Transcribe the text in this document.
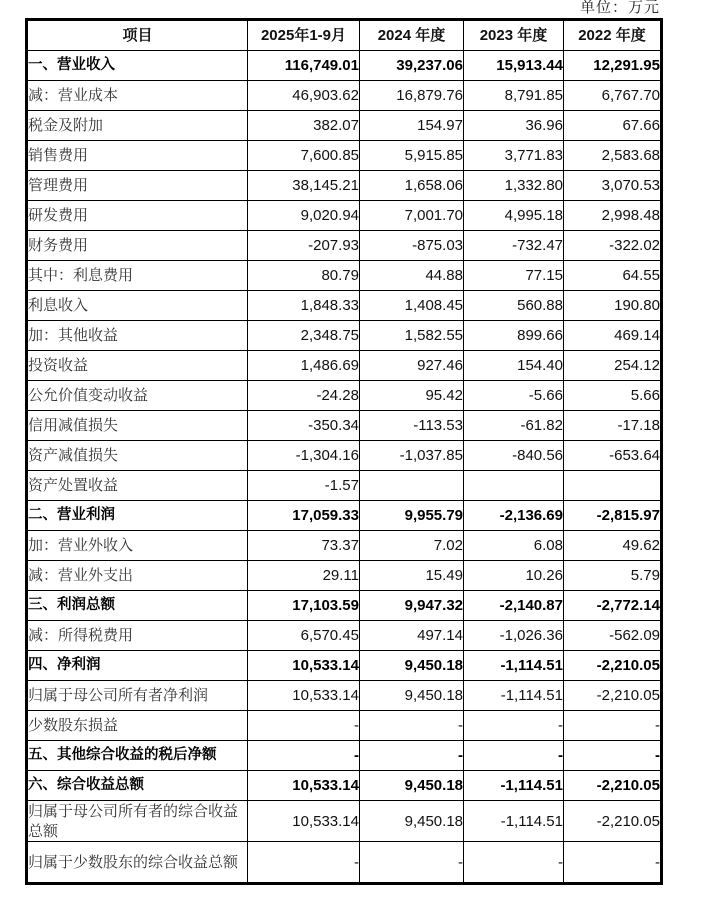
单位：万元
项目	2025年1-9月	2024 年度	2023 年度	2022 年度
一、营业收入	116,749.01	39,237.06	15,913.44	12,291.95
减：营业成本	46,903.62	16,879.76	8,791.85	6,767.70
税金及附加	382.07	154.97	36.96	67.66
销售费用	7,600.85	5,915.85	3,771.83	2,583.68
管理费用	38,145.21	1,658.06	1,332.80	3,070.53
研发费用	9,020.94	7,001.70	4,995.18	2,998.48
财务费用	-207.93	-875.03	-732.47	-322.02
其中：利息费用	80.79	44.88	77.15	64.55
利息收入	1,848.33	1,408.45	560.88	190.80
加：其他收益	2,348.75	1,582.55	899.66	469.14
投资收益	1,486.69	927.46	154.40	254.12
公允价值变动收益	-24.28	95.42	-5.66	5.66
信用减值损失	-350.34	-113.53	-61.82	-17.18
资产减值损失	-1,304.16	-1,037.85	-840.56	-653.64
资产处置收益	-1.57			
二、营业利润	17,059.33	9,955.79	-2,136.69	-2,815.97
加：营业外收入	73.37	7.02	6.08	49.62
减：营业外支出	29.11	15.49	10.26	5.79
三、利润总额	17,103.59	9,947.32	-2,140.87	-2,772.14
减：所得税费用	6,570.45	497.14	-1,026.36	-562.09
四、净利润	10,533.14	9,450.18	-1,114.51	-2,210.05
归属于母公司所有者净利润	10,533.14	9,450.18	-1,114.51	-2,210.05
少数股东损益	-	-	-	-
五、其他综合收益的税后净额	-	-	-	-
六、综合收益总额	10,533.14	9,450.18	-1,114.51	-2,210.05
归属于母公司所有者的综合收益总额	10,533.14	9,450.18	-1,114.51	-2,210.05
归属于少数股东的综合收益总额	-	-	-	-
